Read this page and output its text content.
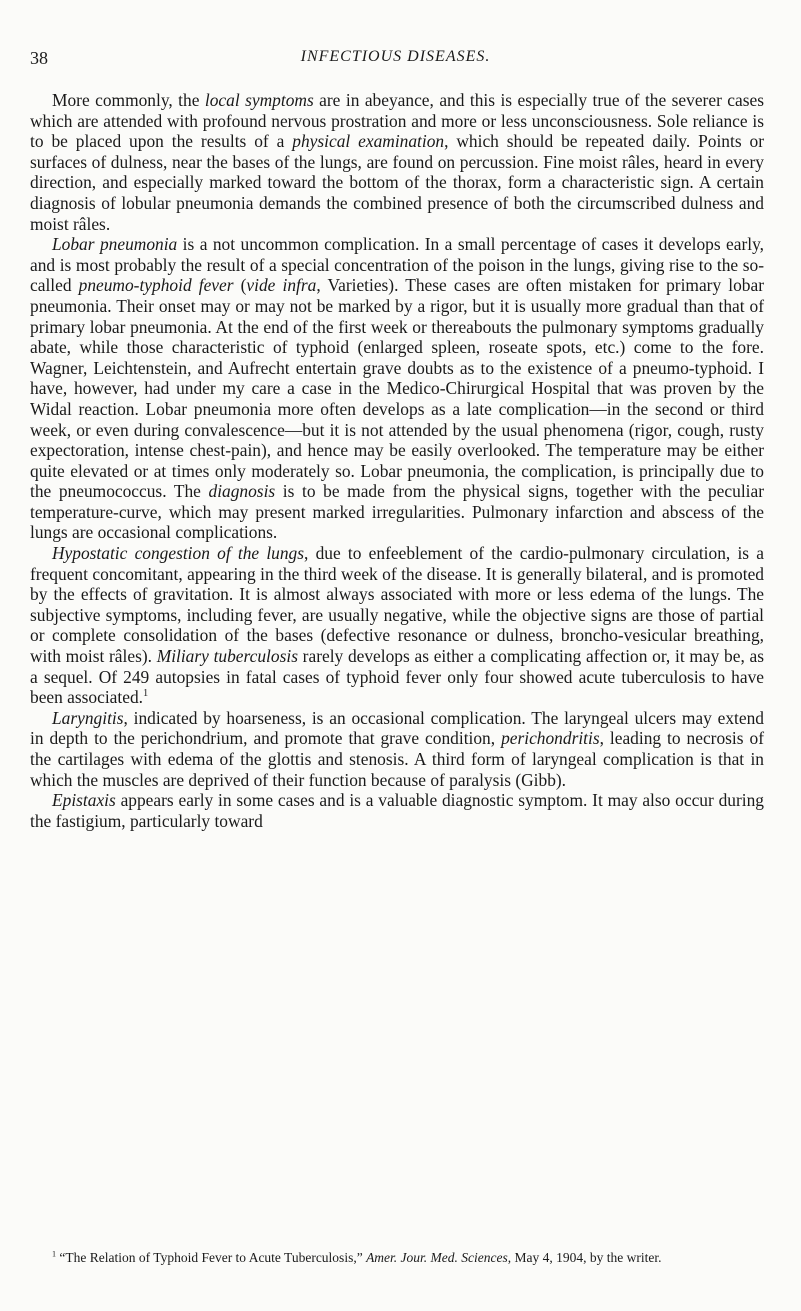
38	INFECTIOUS DISEASES.

More commonly, the local symptoms are in abeyance, and this is especially true of the severer cases which are attended with profound nervous prostration and more or less unconsciousness. Sole reliance is to be placed upon the results of a physical examination, which should be repeated daily. Points or surfaces of dulness, near the bases of the lungs, are found on percussion. Fine moist râles, heard in every direction, and especially marked toward the bottom of the thorax, form a characteristic sign. A certain diagnosis of lobular pneumonia demands the combined presence of both the circumscribed dulness and moist râles.

Lobar pneumonia is a not uncommon complication. In a small percentage of cases it develops early, and is most probably the result of a special concentration of the poison in the lungs, giving rise to the so-called pneumo-typhoid fever (vide infra, Varieties). These cases are often mistaken for primary lobar pneumonia. Their onset may or may not be marked by a rigor, but it is usually more gradual than that of primary lobar pneumonia. At the end of the first week or thereabouts the pulmonary symptoms gradually abate, while those characteristic of typhoid (enlarged spleen, roseate spots, etc.) come to the fore. Wagner, Leichtenstein, and Aufrecht entertain grave doubts as to the existence of a pneumo-typhoid. I have, however, had under my care a case in the Medico-Chirurgical Hospital that was proven by the Widal reaction. Lobar pneumonia more often develops as a late complication—in the second or third week, or even during convalescence—but it is not attended by the usual phenomena (rigor, cough, rusty expectoration, intense chest-pain), and hence may be easily overlooked. The temperature may be either quite elevated or at times only moderately so. Lobar pneumonia, the complication, is principally due to the pneumococcus. The diagnosis is to be made from the physical signs, together with the peculiar temperature-curve, which may present marked irregularities. Pulmonary infarction and abscess of the lungs are occasional complications.

Hypostatic congestion of the lungs, due to enfeeblement of the cardio-pulmonary circulation, is a frequent concomitant, appearing in the third week of the disease. It is generally bilateral, and is promoted by the effects of gravitation. It is almost always associated with more or less edema of the lungs. The subjective symptoms, including fever, are usually negative, while the objective signs are those of partial or complete consolidation of the bases (defective resonance or dulness, broncho-vesicular breathing, with moist râles). Miliary tuberculosis rarely develops as either a complicating affection or, it may be, as a sequel. Of 249 autopsies in fatal cases of typhoid fever only four showed acute tuberculosis to have been associated.$^1$

Laryngitis, indicated by hoarseness, is an occasional complication. The laryngeal ulcers may extend in depth to the perichondrium, and promote that grave condition, perichondritis, leading to necrosis of the cartilages with edema of the glottis and stenosis. A third form of laryngeal complication is that in which the muscles are deprived of their function because of paralysis (Gibb).

Epistaxis appears early in some cases and is a valuable diagnostic symptom. It may also occur during the fastigium, particularly toward

$^1$ “The Relation of Typhoid Fever to Acute Tuberculosis,” Amer. Jour. Med. Sciences, May 4, 1904, by the writer.
